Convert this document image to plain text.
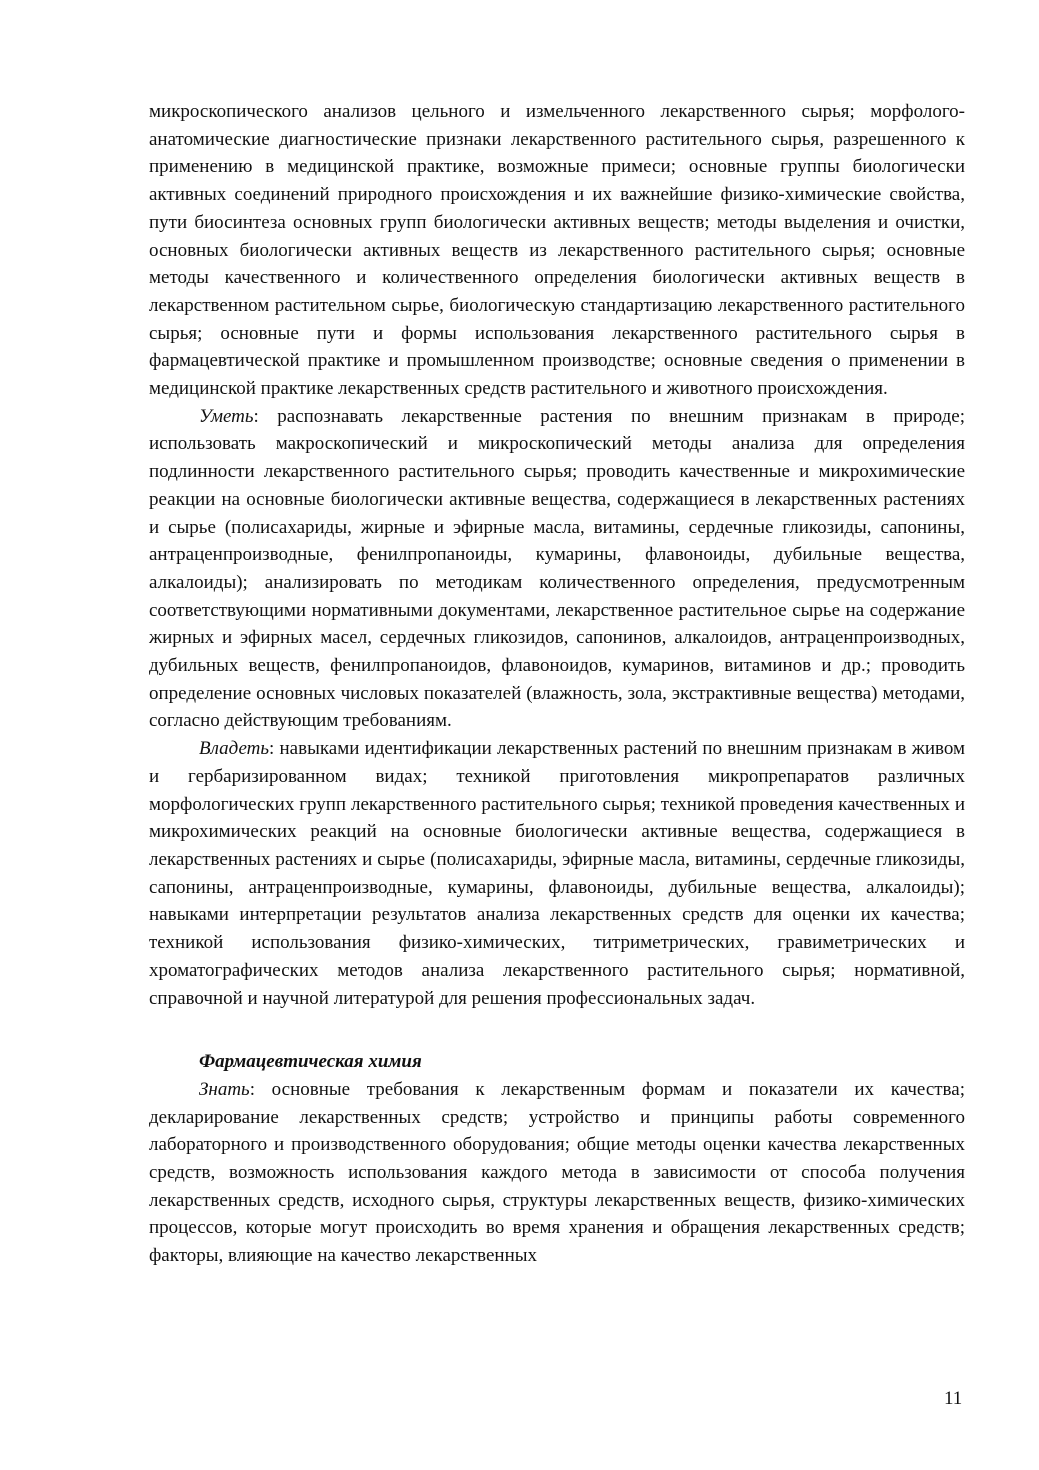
микроскопического анализов цельного и измельченного лекарственного сырья; морфолого-анатомические диагностические признаки лекарственного растительного сырья, разрешенного к применению в медицинской практике, возможные примеси; основные группы биологически активных соединений природного происхождения и их важнейшие физико-химические свойства, пути биосинтеза основных групп биологически активных веществ; методы выделения и очистки, основных биологически активных веществ из лекарственного растительного сырья; основные методы качественного и количественного определения биологически активных веществ в лекарственном растительном сырье, биологическую стандартизацию лекарственного растительного сырья; основные пути и формы использования лекарственного растительного сырья в фармацевтической практике и промышленном производстве; основные сведения о применении в медицинской практике лекарственных средств растительного и животного происхождения.

Уметь: распознавать лекарственные растения по внешним признакам в природе; использовать макроскопический и микроскопический методы анализа для определения подлинности лекарственного растительного сырья; проводить качественные и микрохимические реакции на основные биологически активные вещества, содержащиеся в лекарственных растениях и сырье (полисахариды, жирные и эфирные масла, витамины, сердечные гликозиды, сапонины, антраценпроизводные, фенилпропаноиды, кумарины, флавоноиды, дубильные вещества, алкалоиды); анализировать по методикам количественного определения, предусмотренным соответствующими нормативными документами, лекарственное растительное сырье на содержание жирных и эфирных масел, сердечных гликозидов, сапонинов, алкалоидов, антраценпроизводных, дубильных веществ, фенилпропаноидов, флавоноидов, кумаринов, витаминов и др.; проводить определение основных числовых показателей (влажность, зола, экстрактивные вещества) методами, согласно действующим требованиям.

Владеть: навыками идентификации лекарственных растений по внешним признакам в живом и гербаризированном видах; техникой приготовления микропрепаратов различных морфологических групп лекарственного растительного сырья; техникой проведения качественных и микрохимических реакций на основные биологически активные вещества, содержащиеся в лекарственных растениях и сырье (полисахариды, эфирные масла, витамины, сердечные гликозиды, сапонины, антраценпроизводные, кумарины, флавоноиды, дубильные вещества, алкалоиды); навыками интерпретации результатов анализа лекарственных средств для оценки их качества; техникой использования физико-химических, титриметрических, гравиметрических и хроматографических методов анализа лекарственного растительного сырья; нормативной, справочной и научной литературой для решения профессиональных задач.

Фармацевтическая химия

Знать: основные требования к лекарственным формам и показатели их качества; декларирование лекарственных средств; устройство и принципы работы современного лабораторного и производственного оборудования; общие методы оценки качества лекарственных средств, возможность использования каждого метода в зависимости от способа получения лекарственных средств, исходного сырья, структуры лекарственных веществ, физико-химических процессов, которые могут происходить во время хранения и обращения лекарственных средств; факторы, влияющие на качество лекарственных

11
